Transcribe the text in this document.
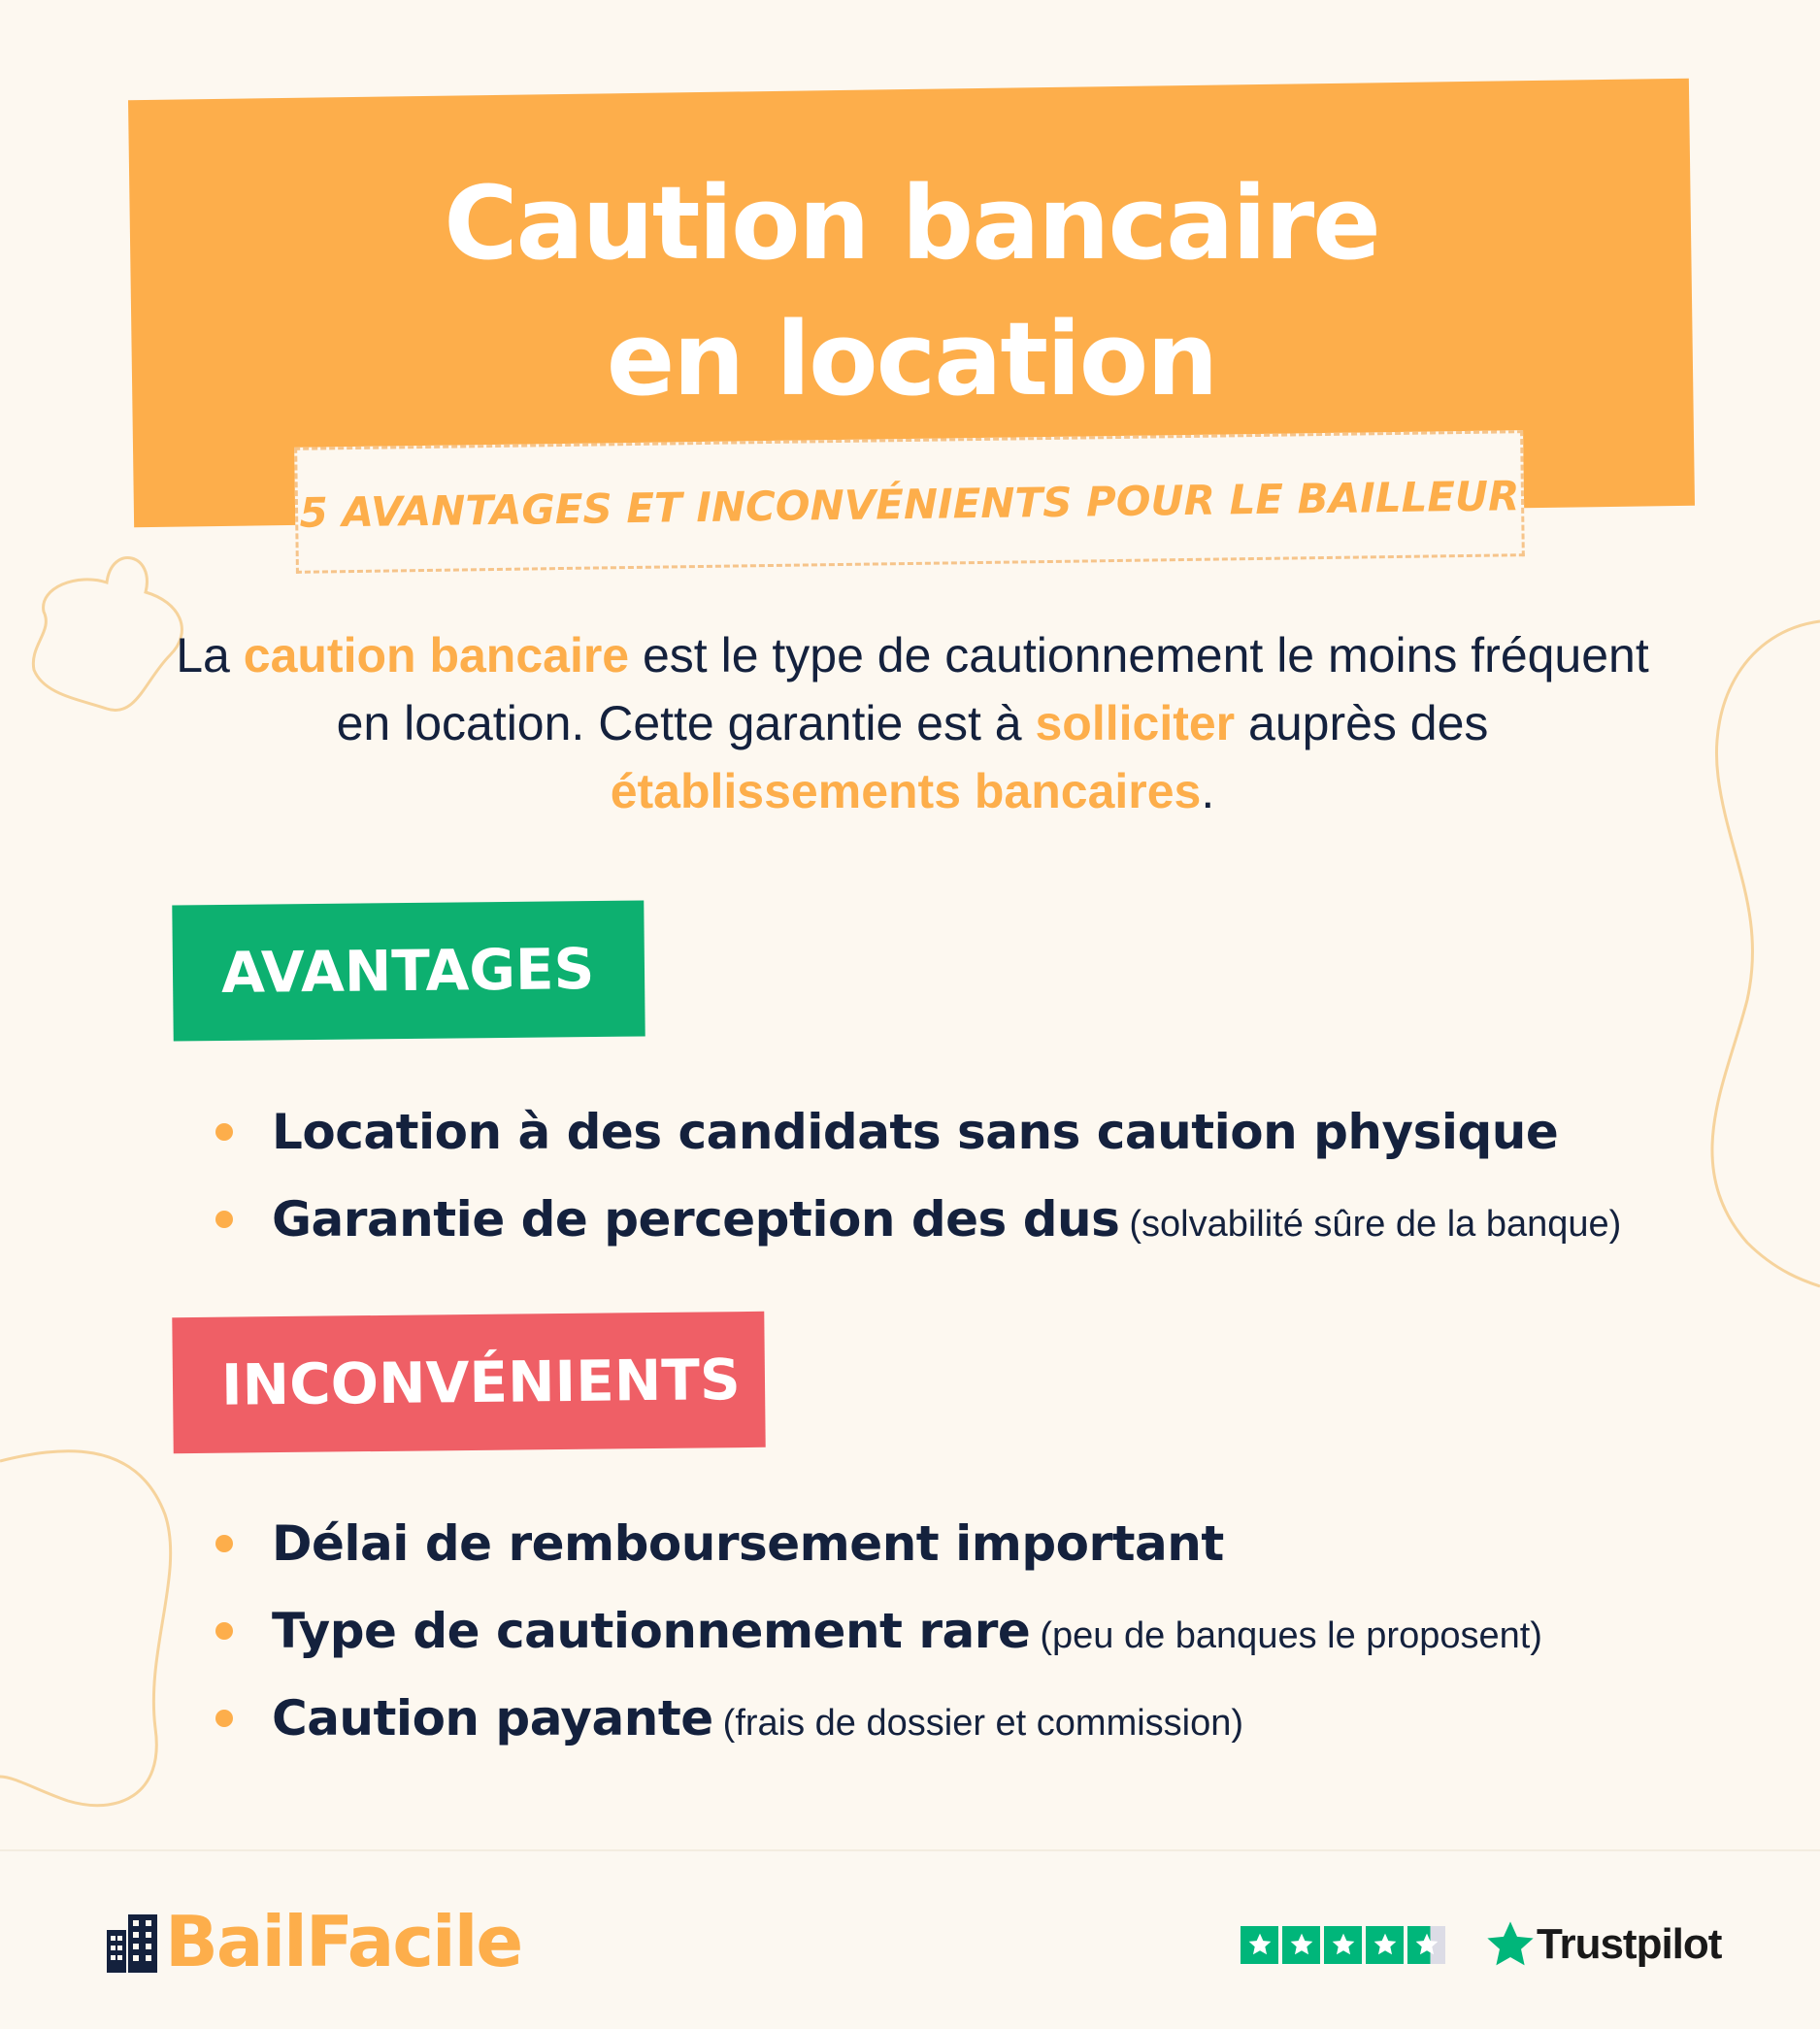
Caution bancaire
en location
5 AVANTAGES ET INCONVÉNIENTS POUR LE BAILLEUR
La caution bancaire est le type de cautionnement le moins fréquent en location. Cette garantie est à solliciter auprès des établissements bancaires.
AVANTAGES
Location à des candidats sans caution physique
Garantie de perception des dus (solvabilité sûre de la banque)
INCONVÉNIENTS
Délai de remboursement important
Type de cautionnement rare (peu de banques le proposent)
Caution payante (frais de dossier et commission)
BailFacile	Trustpilot
